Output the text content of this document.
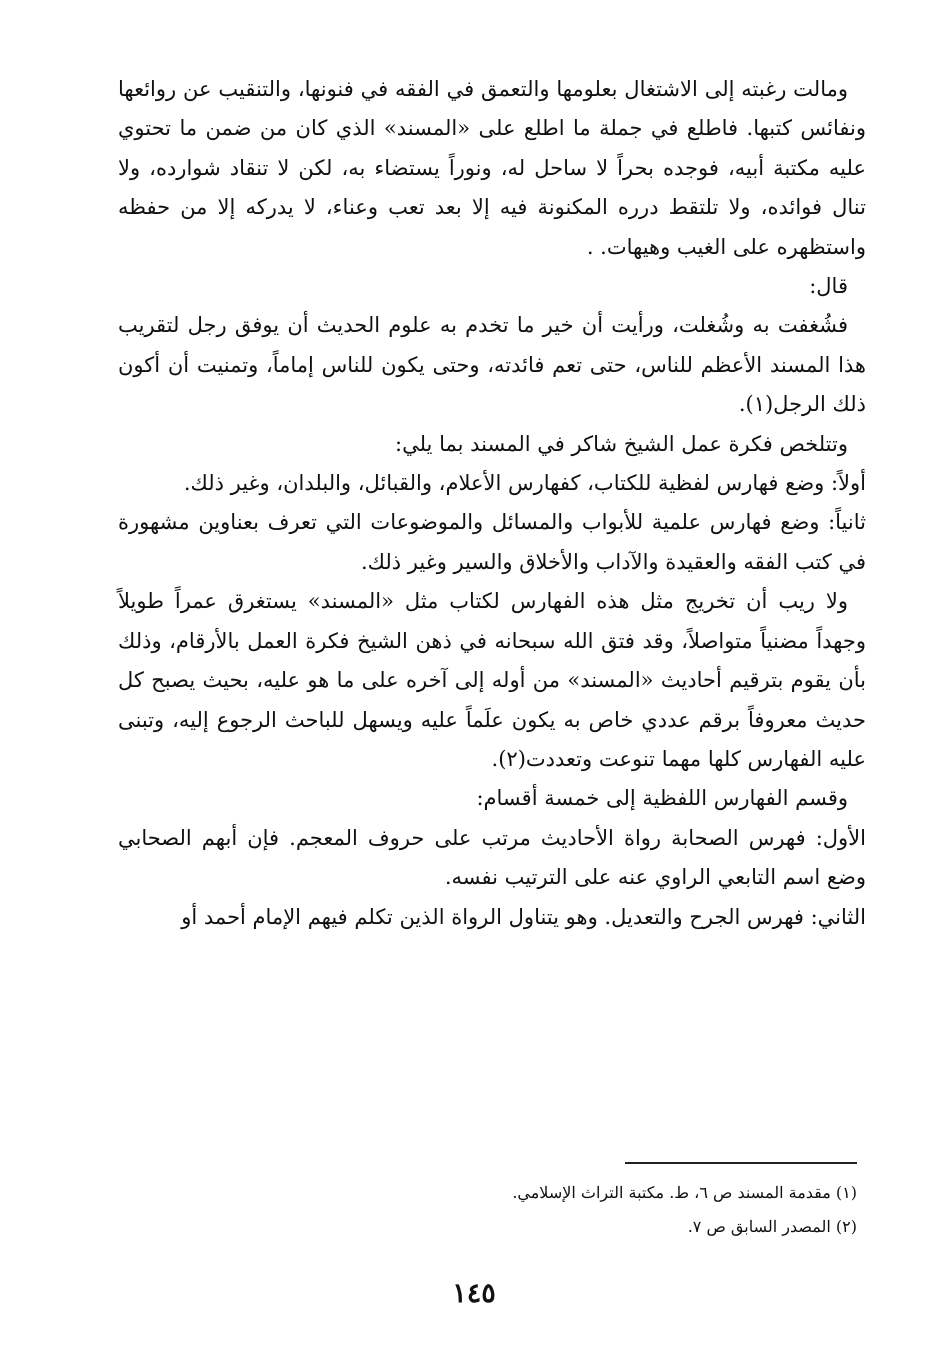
ومالت رغبته إلى الاشتغال بعلومها والتعمق في الفقه في فنونها، والتنقيب عن روائعها ونفائس كتبها. فاطلع في جملة ما اطلع على «المسند» الذي كان من ضمن ما تحتوي عليه مكتبة أبيه، فوجده بحراً لا ساحل له، ونوراً يستضاء به، لكن لا تنقاد شوارده، ولا تنال فوائده، ولا تلتقط درره المكنونة فيه إلا بعد تعب وعناء، لا يدركه إلا من حفظه واستظهره على الغيب وهيهات. .

قال:

فشُغفت به وشُغلت، ورأيت أن خير ما تخدم به علوم الحديث أن يوفق رجل لتقريب هذا المسند الأعظم للناس، حتى تعم فائدته، وحتى يكون للناس إماماً، وتمنيت أن أكون ذلك الرجل(١).

وتتلخص فكرة عمل الشيخ شاكر في المسند بما يلي:

أولاً: وضع فهارس لفظية للكتاب، كفهارس الأعلام، والقبائل، والبلدان، وغير ذلك.

ثانياً: وضع فهارس علمية للأبواب والمسائل والموضوعات التي تعرف بعناوين مشهورة في كتب الفقه والعقيدة والآداب والأخلاق والسير وغير ذلك.

ولا ريب أن تخريج مثل هذه الفهارس لكتاب مثل «المسند» يستغرق عمراً طويلاً وجهداً مضنياً متواصلاً، وقد فتق الله سبحانه في ذهن الشيخ فكرة العمل بالأرقام، وذلك بأن يقوم بترقيم أحاديث «المسند» من أوله إلى آخره على ما هو عليه، بحيث يصبح كل حديث معروفاً برقم عددي خاص به يكون علَماً عليه ويسهل للباحث الرجوع إليه، وتبنى عليه الفهارس كلها مهما تنوعت وتعددت(٢).

وقسم الفهارس اللفظية إلى خمسة أقسام:

الأول: فهرس الصحابة رواة الأحاديث مرتب على حروف المعجم. فإن أبهم الصحابي وضع اسم التابعي الراوي عنه على الترتيب نفسه.

الثاني: فهرس الجرح والتعديل. وهو يتناول الرواة الذين تكلم فيهم الإمام أحمد أو

(١) مقدمة المسند ص ٦، ط. مكتبة التراث الإسلامي.

(٢) المصدر السابق ص ٧.

١٤٥
